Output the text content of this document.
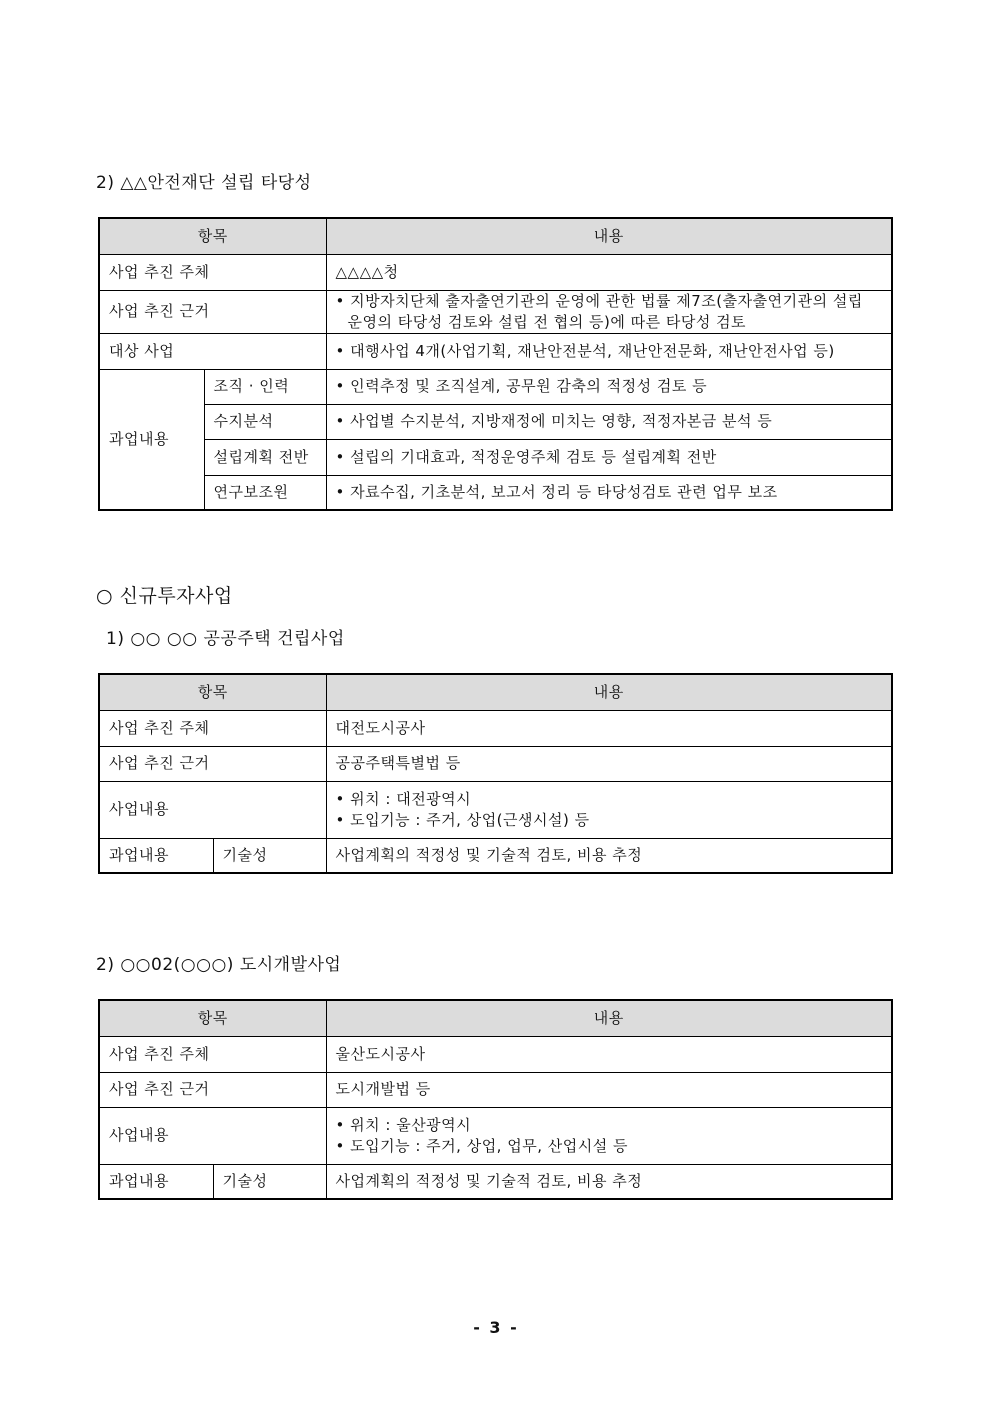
2) △△안전재단 설립 타당성
항목		내용
사업 추진 주체		△△△△청
사업 추진 근거		• 지방자치단체 출자출연기관의 운영에 관한 법률 제7조(출자출연기관의 설립 운영의 타당성 검토와 설립 전 협의 등)에 따른 타당성 검토

대상 사업		• 대행사업 4개(사업기획, 재난안전분석, 재난안전문화, 재난안전사업 등)
과업내용	조직 · 인력	• 인력추정 및 조직설계, 공무원 감축의 적정성 검토 등
	수지분석	• 사업별 수지분석, 지방재정에 미치는 영향, 적정자본금 분석 등
	설립계획 전반	• 설립의 기대효과, 적정운영주체 검토 등 설립계획 전반
	연구보조원	• 자료수집, 기초분석, 보고서 정리 등 타당성검토 관련 업무 보조
○ 신규투자사업
1) ○○ ○○ 공공주택 건립사업
항목		내용
사업 추진 주체		대전도시공사
사업 추진 근거		공공주택특별법 등
사업내용		• 위치 : 대전광역시
• 도입기능 : 주거, 상업(근생시설) 등

과업내용	기술성	사업계획의 적정성 및 기술적 검토, 비용 추정
2) ○○02(○○○) 도시개발사업
항목		내용
사업 추진 주체		울산도시공사
사업 추진 근거		도시개발법 등
사업내용		• 위치 : 울산광역시
• 도입기능 : 주거, 상업, 업무, 산업시설 등

과업내용	기술성	사업계획의 적정성 및 기술적 검토, 비용 추정
- 3 -
